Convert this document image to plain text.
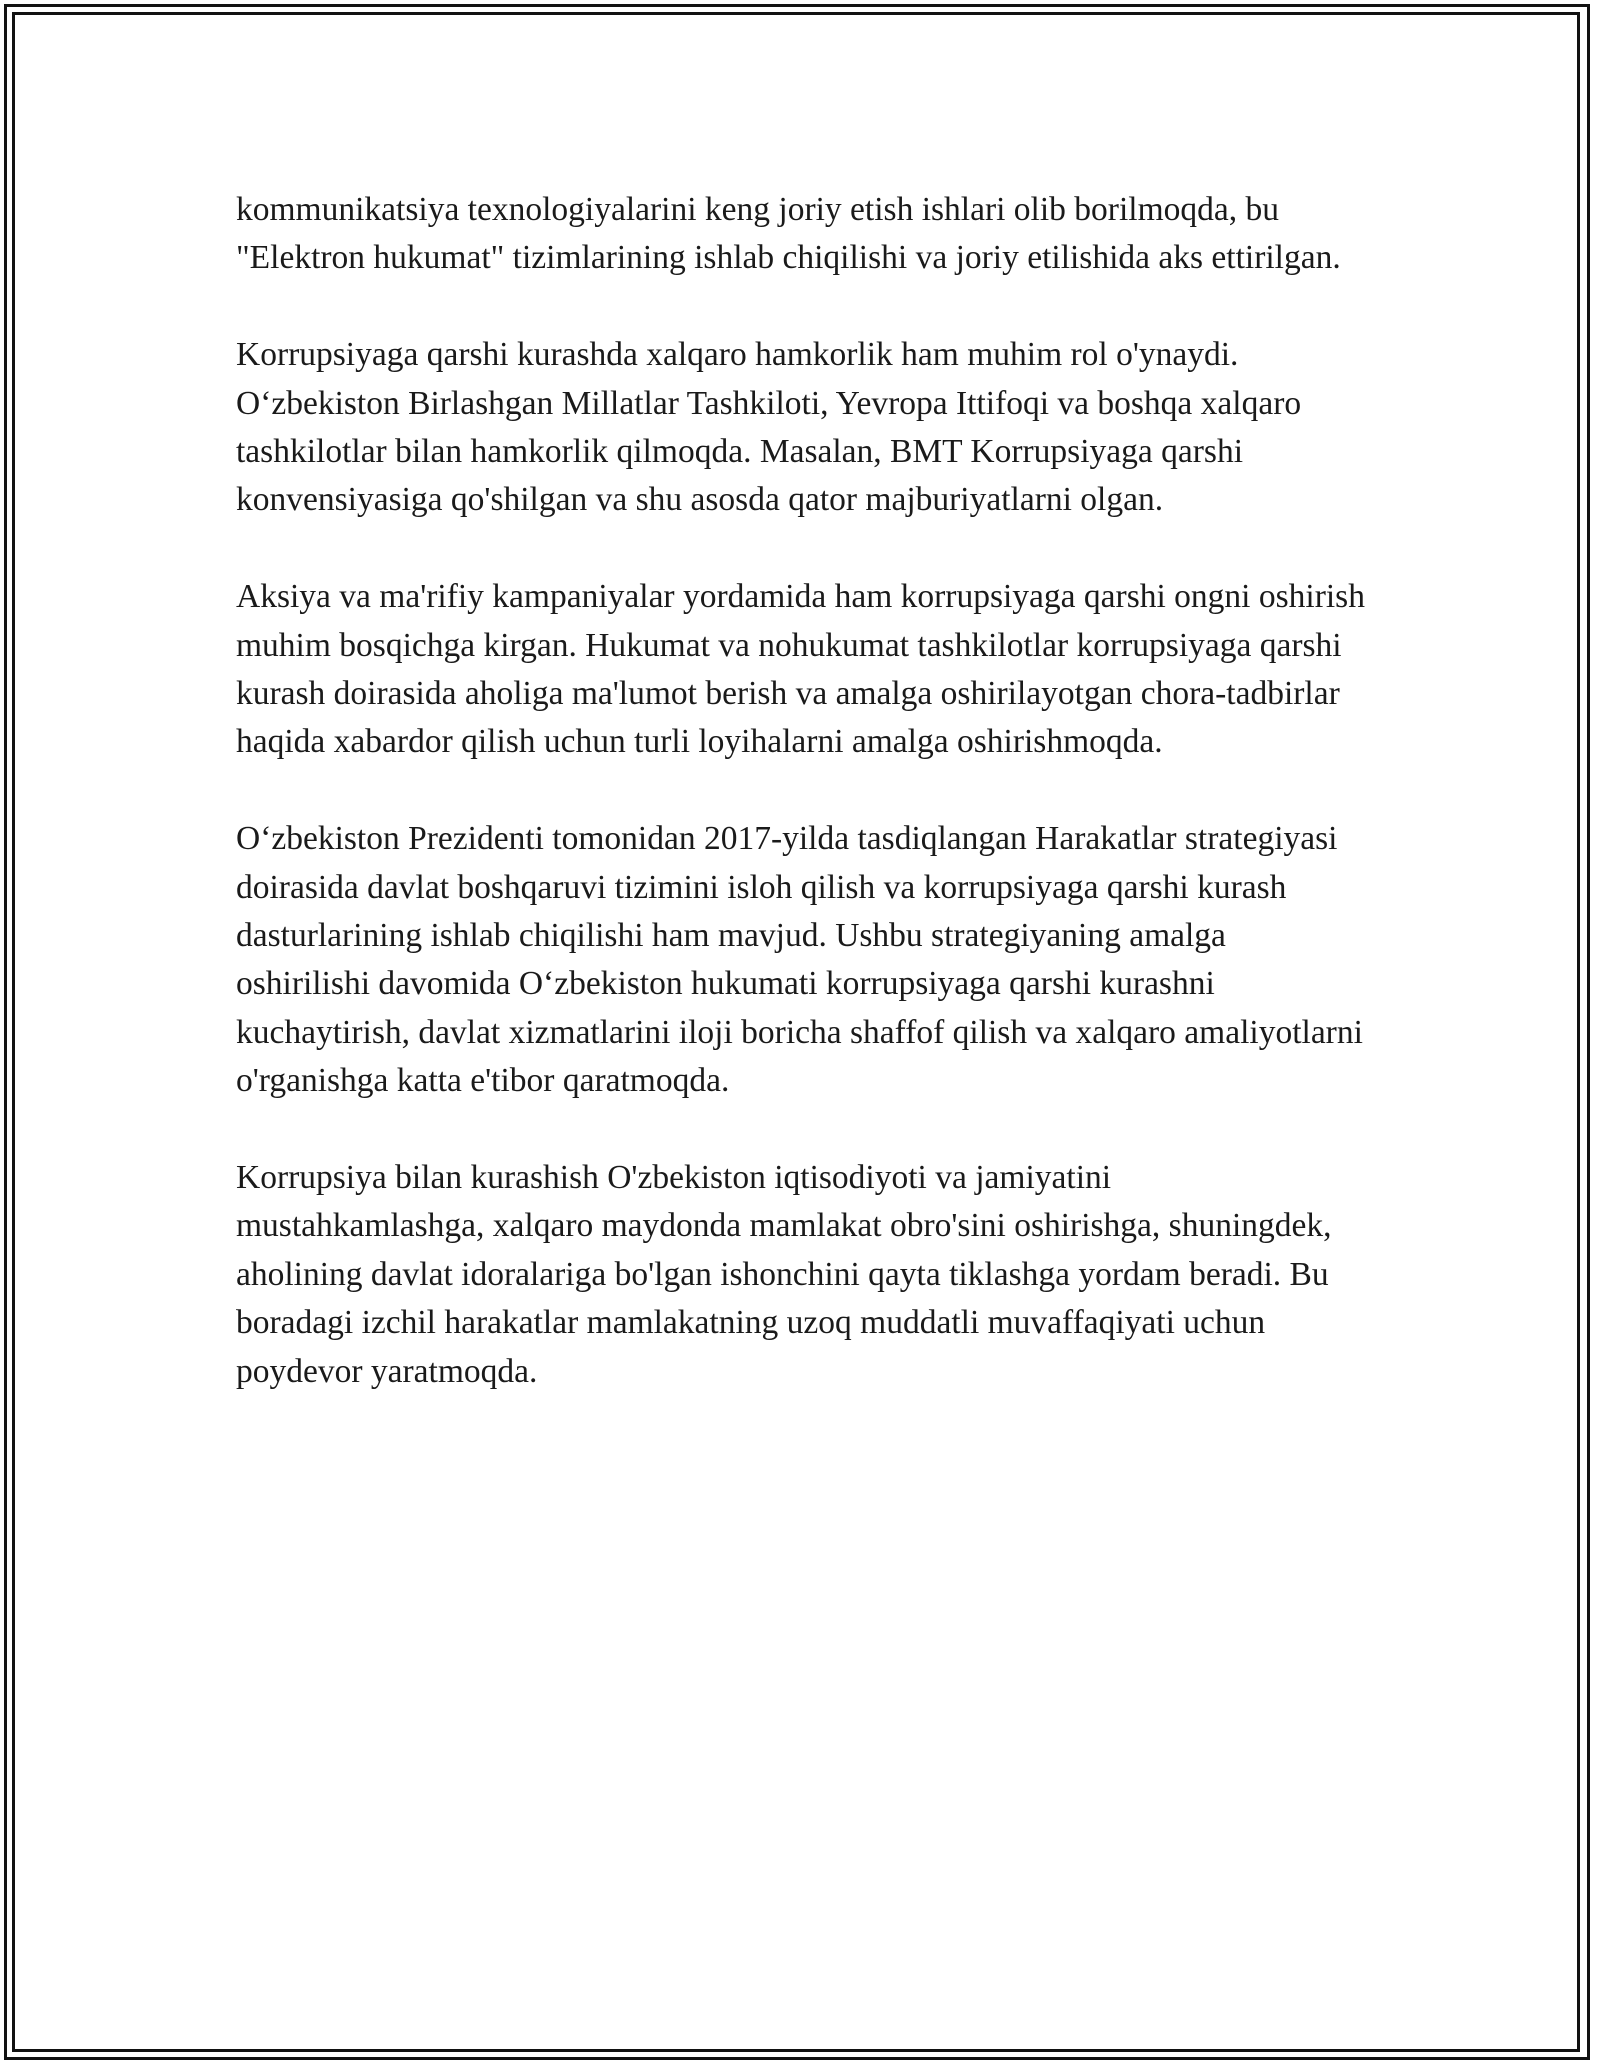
kommunikatsiya texnologiyalarini keng joriy etish ishlari olib borilmoqda, bu "Elektron hukumat" tizimlarining ishlab chiqilishi va joriy etilishida aks ettirilgan.

Korrupsiyaga qarshi kurashda xalqaro hamkorlik ham muhim rol o'ynaydi. O‘zbekiston Birlashgan Millatlar Tashkiloti, Yevropa Ittifoqi va boshqa xalqaro tashkilotlar bilan hamkorlik qilmoqda. Masalan, BMT Korrupsiyaga qarshi konvensiyasiga qo'shilgan va shu asosda qator majburiyatlarni olgan.

Aksiya va ma'rifiy kampaniyalar yordamida ham korrupsiyaga qarshi ongni oshirish muhim bosqichga kirgan. Hukumat va nohukumat tashkilotlar korrupsiyaga qarshi kurash doirasida aholiga ma'lumot berish va amalga oshirilayotgan chora-tadbirlar haqida xabardor qilish uchun turli loyihalarni amalga oshirishmoqda.

O‘zbekiston Prezidenti tomonidan 2017-yilda tasdiqlangan Harakatlar strategiyasi doirasida davlat boshqaruvi tizimini isloh qilish va korrupsiyaga qarshi kurash dasturlarining ishlab chiqilishi ham mavjud. Ushbu strategiyaning amalga oshirilishi davomida O‘zbekiston hukumati korrupsiyaga qarshi kurashni kuchaytirish, davlat xizmatlarini iloji boricha shaffof qilish va xalqaro amaliyotlarni o'rganishga katta e'tibor qaratmoqda.

Korrupsiya bilan kurashish O'zbekiston iqtisodiyoti va jamiyatini mustahkamlashga, xalqaro maydonda mamlakat obro'sini oshirishga, shuningdek, aholining davlat idoralariga bo'lgan ishonchini qayta tiklashga yordam beradi. Bu boradagi izchil harakatlar mamlakatning uzoq muddatli muvaffaqiyati uchun poydevor yaratmoqda.
